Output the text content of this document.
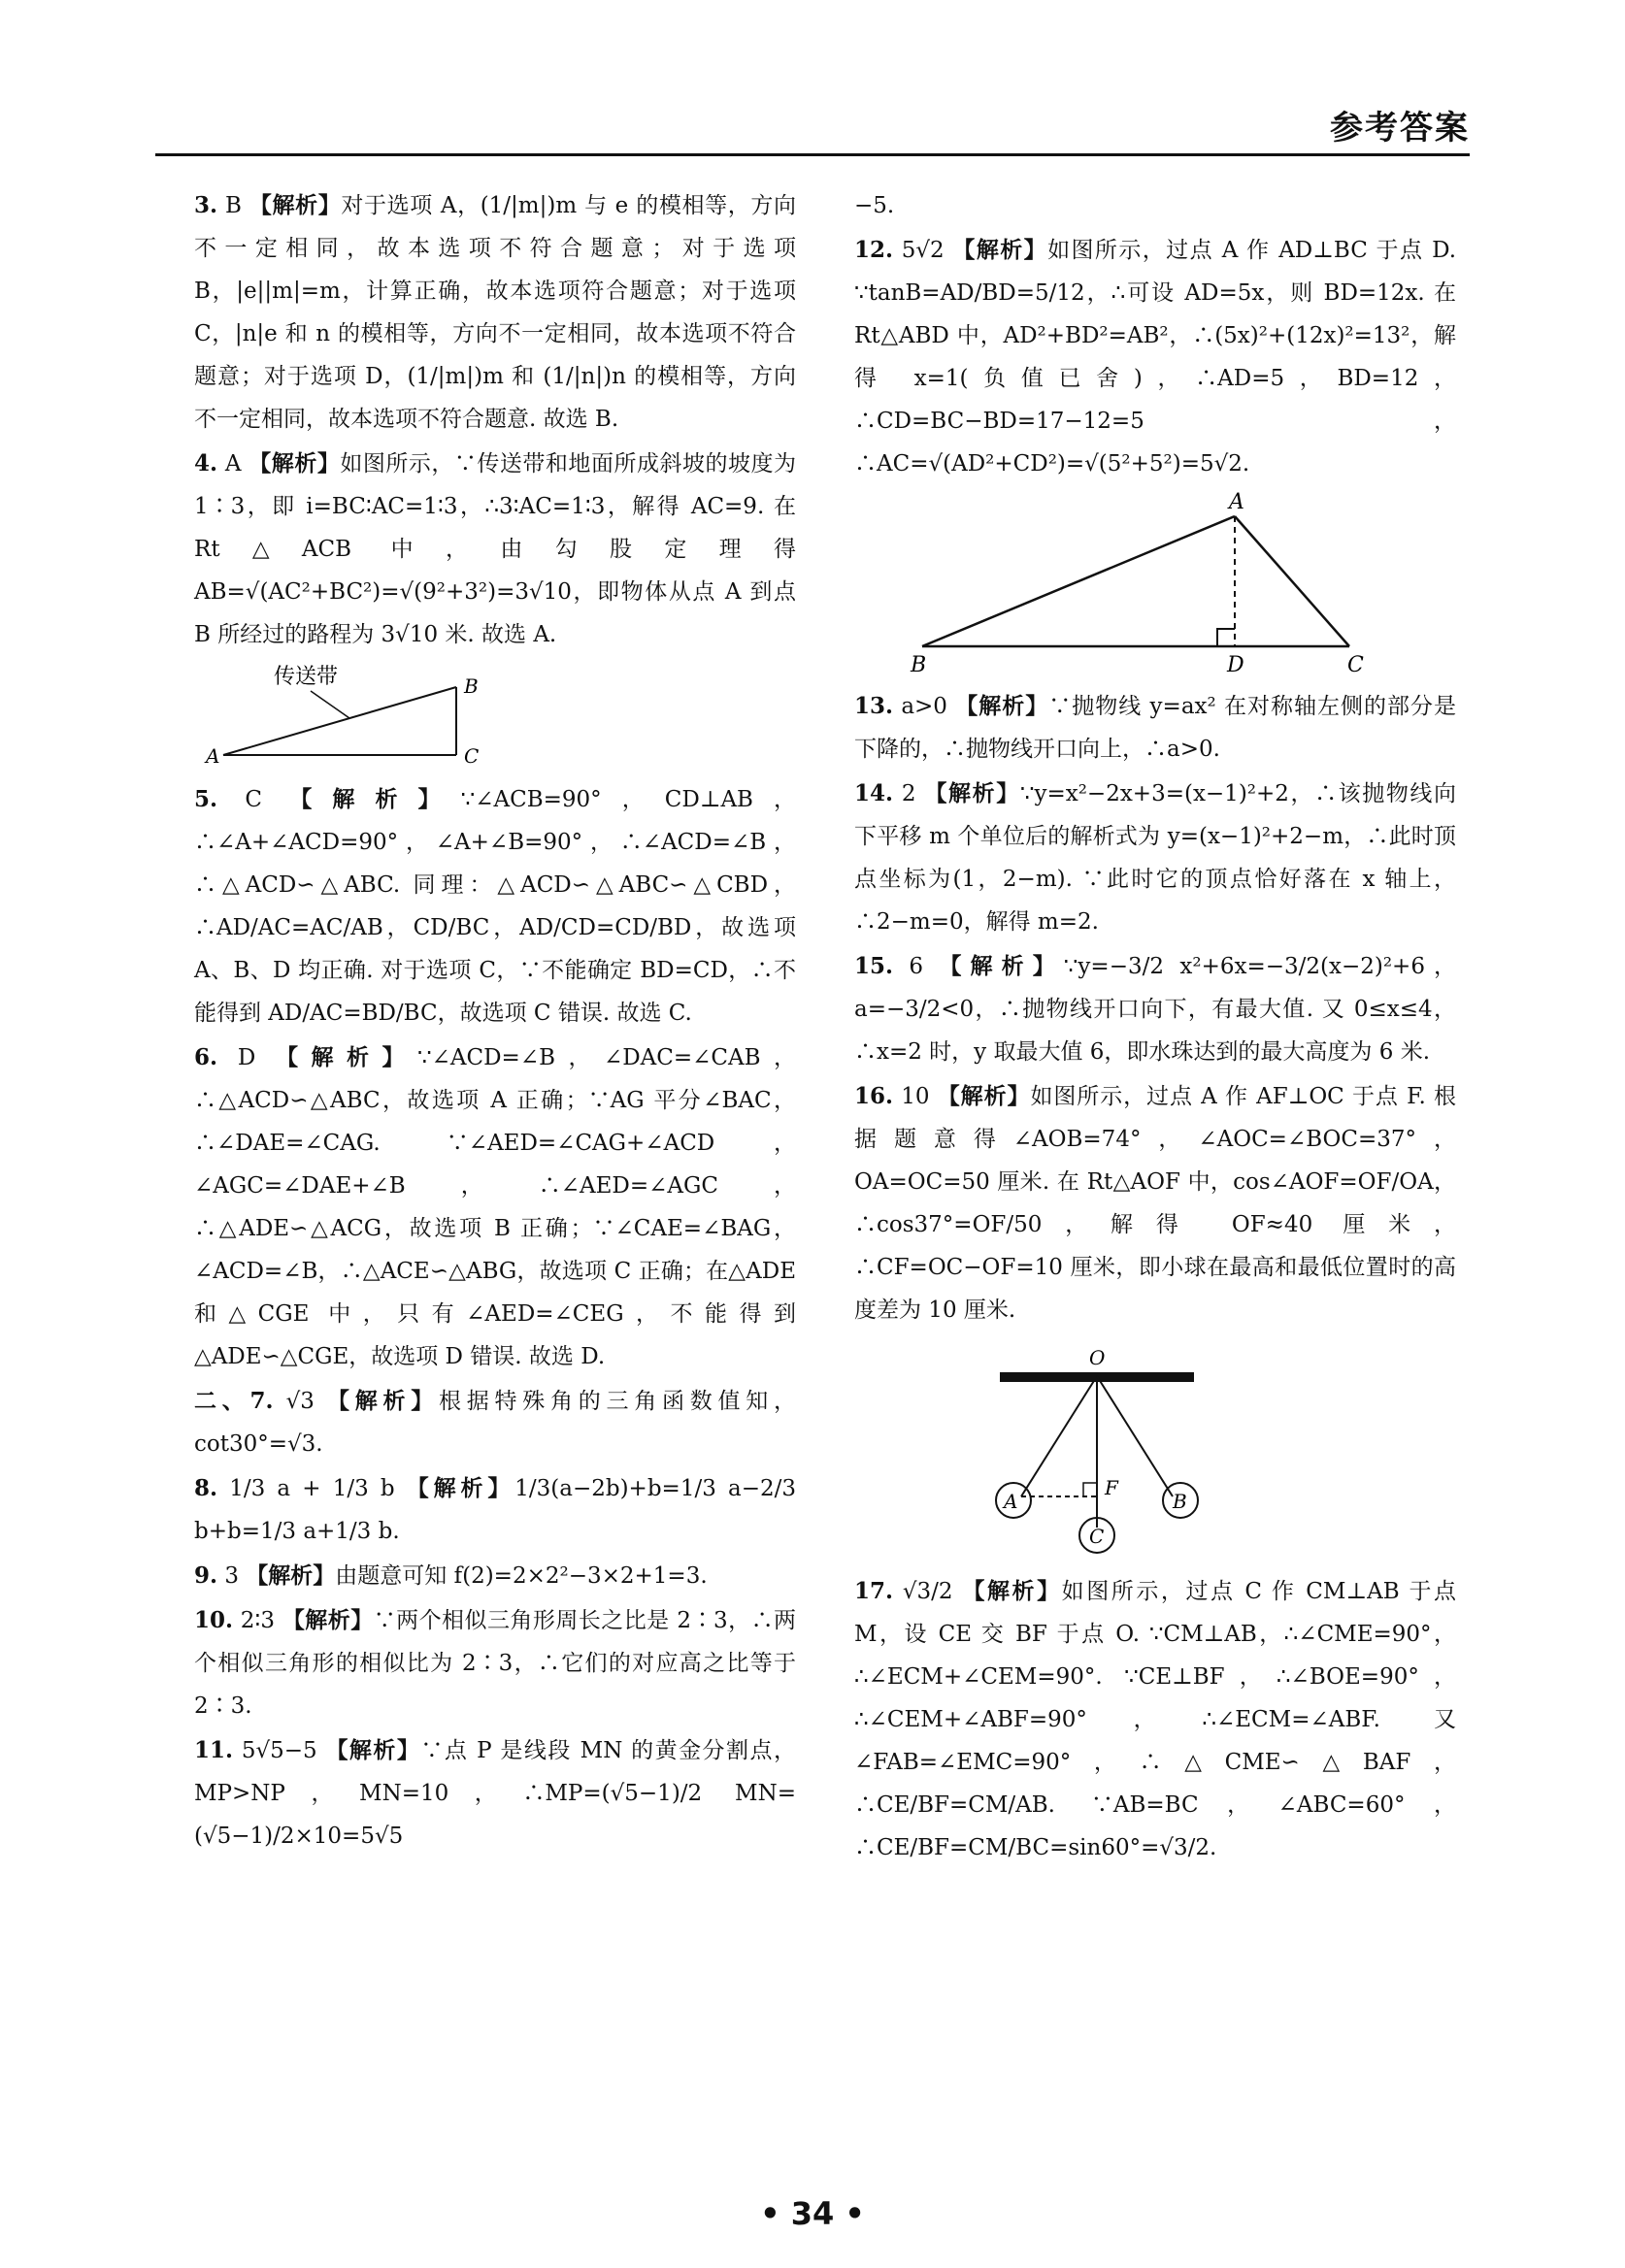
参考答案
3. B 【解析】对于选项 A，(1/|m|)m 与 e 的模相等，方向不一定相同，故本选项不符合题意；对于选项 B，|e||m|=m，计算正确，故本选项符合题意；对于选项 C，|n|e 和 n 的模相等，方向不一定相同，故本选项不符合题意；对于选项 D，(1/|m|)m 和 (1/|n|)n 的模相等，方向不一定相同，故本选项不符合题意. 故选 B.
4. A 【解析】如图所示，∵传送带和地面所成斜坡的坡度为 1∶3，即 i=BC∶AC=1∶3，∴3∶AC=1∶3，解得 AC=9. 在 Rt△ACB 中，由勾股定理得 AB=√(AC²+BC²)=√(9²+3²)=3√10，即物体从点 A 到点 B 所经过的路程为 3√10 米. 故选 A.
传送带
A
B
C
5. C 【解析】∵∠ACB=90°，CD⊥AB，∴∠A+∠ACD=90°，∠A+∠B=90°，∴∠ACD=∠B，∴△ACD∽△ABC. 同理：△ACD∽△ABC∽△CBD，∴AD/AC=AC/AB，CD/BC，AD/CD=CD/BD，故选项 A、B、D 均正确. 对于选项 C，∵不能确定 BD=CD，∴不能得到 AD/AC=BD/BC，故选项 C 错误. 故选 C.
6. D 【解析】∵∠ACD=∠B，∠DAC=∠CAB，∴△ACD∽△ABC，故选项 A 正确；∵AG 平分∠BAC，∴∠DAE=∠CAG. ∵∠AED=∠CAG+∠ACD，∠AGC=∠DAE+∠B，∴∠AED=∠AGC，∴△ADE∽△ACG，故选项 B 正确；∵∠CAE=∠BAG，∠ACD=∠B，∴△ACE∽△ABG，故选项 C 正确；在△ADE 和△CGE 中，只有∠AED=∠CEG，不能得到△ADE∽△CGE，故选项 D 错误. 故选 D.
二、7. √3 【解析】根据特殊角的三角函数值知，cot30°=√3.
8. 1/3 a + 1/3 b 【解析】1/3(a−2b)+b=1/3 a−2/3 b+b=1/3 a+1/3 b.
9. 3 【解析】由题意可知 f(2)=2×2²−3×2+1=3.
10. 2∶3 【解析】∵两个相似三角形周长之比是 2∶3，∴两个相似三角形的相似比为 2∶3，∴它们的对应高之比等于 2∶3.
11. 5√5−5 【解析】∵点 P 是线段 MN 的黄金分割点，MP>NP，MN=10，∴MP=(√5−1)/2 MN=(√5−1)/2×10=5√5
−5.
12. 5√2 【解析】如图所示，过点 A 作 AD⊥BC 于点 D. ∵tanB=AD/BD=5/12，∴可设 AD=5x，则 BD=12x. 在 Rt△ABD 中，AD²+BD²=AB²，∴(5x)²+(12x)²=13²，解得 x=1(负值已舍)，∴AD=5，BD=12，∴CD=BC−BD=17−12=5，∴AC=√(AD²+CD²)=√(5²+5²)=5√2.
A
B	D	C
13. a>0 【解析】∵抛物线 y=ax² 在对称轴左侧的部分是下降的，∴抛物线开口向上，∴a>0.
14. 2 【解析】∵y=x²−2x+3=(x−1)²+2，∴该抛物线向下平移 m 个单位后的解析式为 y=(x−1)²+2−m，∴此时顶点坐标为(1，2−m). ∵此时它的顶点恰好落在 x 轴上，∴2−m=0，解得 m=2.
15. 6 【解析】∵y=−3/2 x²+6x=−3/2(x−2)²+6，a=−3/2<0，∴抛物线开口向下，有最大值. 又 0≤x≤4，∴x=2 时，y 取最大值 6，即水珠达到的最大高度为 6 米.
16. 10 【解析】如图所示，过点 A 作 AF⊥OC 于点 F. 根据题意得∠AOB=74°，∠AOC=∠BOC=37°，OA=OC=50 厘米. 在 Rt△AOF 中，cos∠AOF=OF/OA，∴cos37°=OF/50，解得 OF≈40 厘米，∴CF=OC−OF=10 厘米，即小球在最高和最低位置时的高度差为 10 厘米.
O
A
F
C
B
17. √3/2 【解析】如图所示，过点 C 作 CM⊥AB 于点 M，设 CE 交 BF 于点 O. ∵CM⊥AB，∴∠CME=90°，∴∠ECM+∠CEM=90°. ∵CE⊥BF，∴∠BOE=90°，∴∠CEM+∠ABF=90°，∴∠ECM=∠ABF. 又∠FAB=∠EMC=90°，∴△CME∽△BAF，∴CE/BF=CM/AB. ∵AB=BC，∠ABC=60°，∴CE/BF=CM/BC=sin60°=√3/2.
• 34 •
